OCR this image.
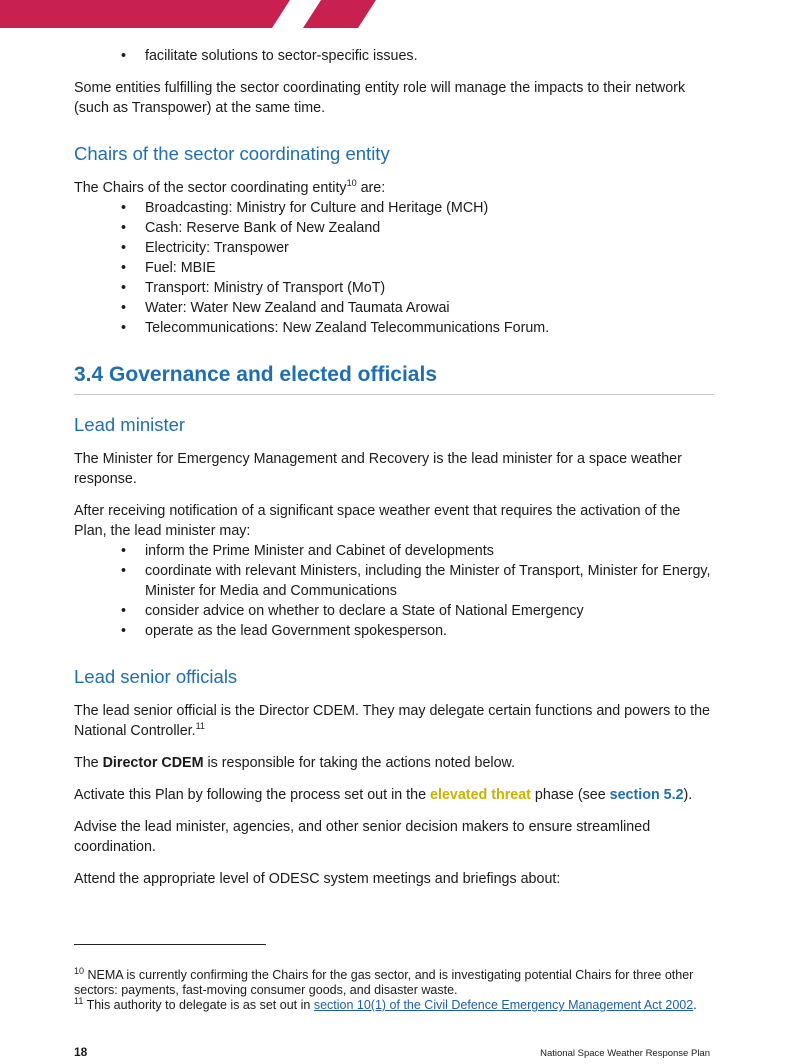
• facilitate solutions to sector-specific issues.

Some entities fulfilling the sector coordinating entity role will manage the impacts to their network (such as Transpower) at the same time.

Chairs of the sector coordinating entity

The Chairs of the sector coordinating entity$^{10}$ are:

• Broadcasting: Ministry for Culture and Heritage (MCH)
• Cash: Reserve Bank of New Zealand
• Electricity: Transpower
• Fuel: MBIE
• Transport: Ministry of Transport (MoT)
• Water: Water New Zealand and Taumata Arowai
• Telecommunications: New Zealand Telecommunications Forum.
3.4 Governance and elected officials
Lead minister

The Minister for Emergency Management and Recovery is the lead minister for a space weather response.

After receiving notification of a significant space weather event that requires the activation of the Plan, the lead minister may:

• inform the Prime Minister and Cabinet of developments
• coordinate with relevant Ministers, including the Minister of Transport, Minister for Energy, Minister for Media and Communications
• consider advice on whether to declare a State of National Emergency
• operate as the lead Government spokesperson.
Lead senior officials

The lead senior official is the Director CDEM. They may delegate certain functions and powers to the National Controller.$^{11}$

The Director CDEM is responsible for taking the actions noted below.

Activate this Plan by following the process set out in the elevated threat phase (see section 5.2).

Advise the lead minister, agencies, and other senior decision makers to ensure streamlined coordination.

Attend the appropriate level of ODESC system meetings and briefings about:

$^{10}$ NEMA is currently confirming the Chairs for the gas sector, and is investigating potential Chairs for three other sectors: payments, fast-moving consumer goods, and disaster waste.
$^{11}$ This authority to delegate is as set out in section 10(1) of the Civil Defence Emergency Management Act 2002.
18	National Space Weather Response Plan
